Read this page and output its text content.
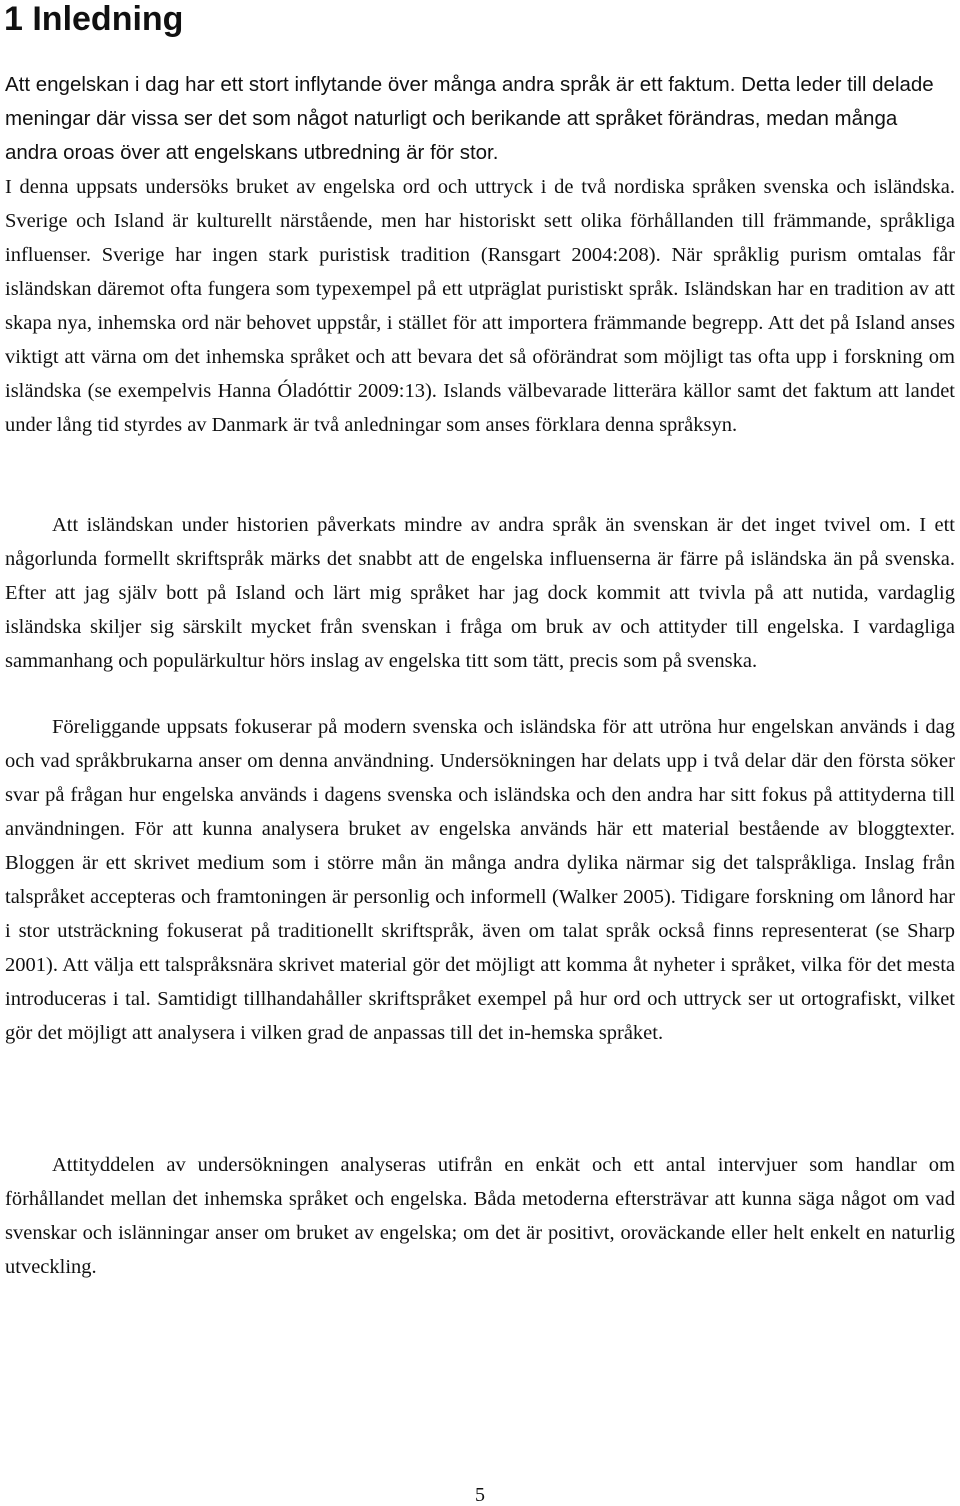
1 Inledning

Att engelskan i dag har ett stort inflytande över många andra språk är ett faktum. Detta leder till delade meningar där vissa ser det som något naturligt och berikande att språket förändras, medan många andra oroas över att engelskans utbredning är för stor.

I denna uppsats undersöks bruket av engelska ord och uttryck i de två nordiska språken svenska och isländska. Sverige och Island är kulturellt närstående, men har historiskt sett olika förhållanden till främmande, språkliga influenser. Sverige har ingen stark puristisk tradition (Ransgart 2004:208). När språklig purism omtalas får isländskan däremot ofta fungera som typexempel på ett utpräglat puristiskt språk. Isländskan har en tradition av att skapa nya, inhemska ord när behovet uppstår, i stället för att importera främmande begrepp. Att det på Island anses viktigt att värna om det inhemska språket och att bevara det så oförändrat som möjligt tas ofta upp i forskning om isländska (se exempelvis Hanna Óladóttir 2009:13). Islands välbevarade litterära källor samt det faktum att landet under lång tid styrdes av Danmark är två anledningar som anses förklara denna språksyn.

Att isländskan under historien påverkats mindre av andra språk än svenskan är det inget tvivel om. I ett någorlunda formellt skriftspråk märks det snabbt att de engelska influenserna är färre på isländska än på svenska. Efter att jag själv bott på Island och lärt mig språket har jag dock kommit att tvivla på att nutida, vardaglig isländska skiljer sig särskilt mycket från svenskan i fråga om bruk av och attityder till engelska. I vardagliga sammanhang och populärkultur hörs inslag av engelska titt som tätt, precis som på svenska.

Föreliggande uppsats fokuserar på modern svenska och isländska för att utröna hur engelskan används i dag och vad språkbrukarna anser om denna användning. Undersökningen har delats upp i två delar där den första söker svar på frågan hur engelska används i dagens svenska och isländska och den andra har sitt fokus på attityderna till användningen. För att kunna analysera bruket av engelska används här ett material bestående av bloggtexter. Bloggen är ett skrivet medium som i större mån än många andra dylika närmar sig det talspråkliga. Inslag från talspråket accepteras och framtoningen är personlig och informell (Walker 2005). Tidigare forskning om lånord har i stor utsträckning fokuserat på traditionellt skriftspråk, även om talat språk också finns representerat (se Sharp 2001). Att välja ett talspråksnära skrivet material gör det möjligt att komma åt nyheter i språket, vilka för det mesta introduceras i tal. Samtidigt tillhandahåller skriftspråket exempel på hur ord och uttryck ser ut ortografiskt, vilket gör det möjligt att analysera i vilken grad de anpassas till det in-hemska språket.

Attityddelen av undersökningen analyseras utifrån en enkät och ett antal intervjuer som handlar om förhållandet mellan det inhemska språket och engelska. Båda metoderna eftersträvar att kunna säga något om vad svenskar och islänningar anser om bruket av engelska; om det är positivt, oroväckande eller helt enkelt en naturlig utveckling.

5
